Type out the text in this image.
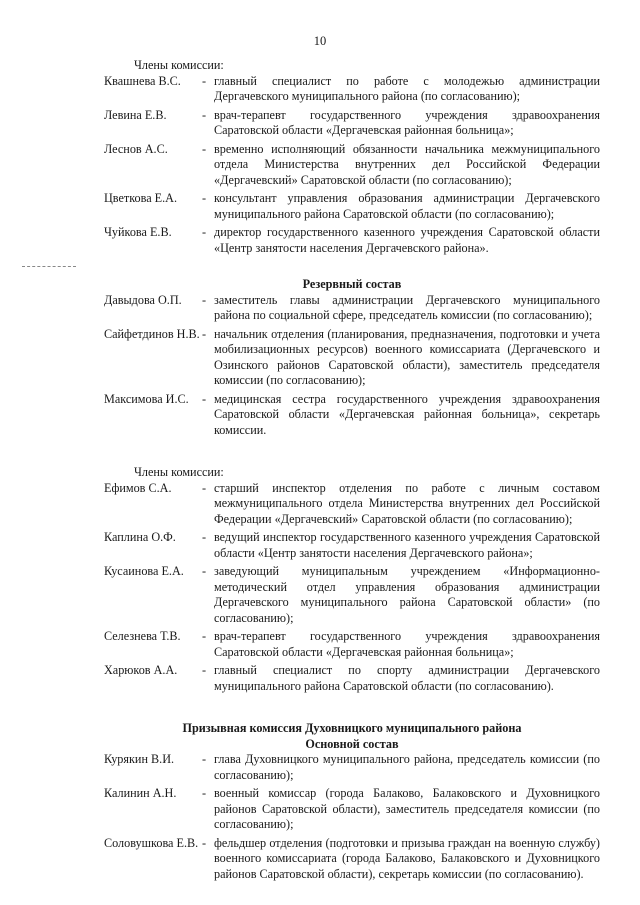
10

Члены комиссии:

Квашнева В.С.	- главный специалист по работе с молодежью администрации Дергачевского муниципального района (по согласованию);
Левина Е.В.	- врач-терапевт государственного учреждения здравоохранения Саратовской области «Дергачевская районная больница»;
Леснов А.С.	- временно исполняющий обязанности начальника межмуниципального отдела Министерства внутренних дел Российской Федерации «Дергачевский» Саратовской области (по согласованию);
Цветкова Е.А.	- консультант управления образования администрации Дергачевского муниципального района Саратовской области (по согласованию);
Чуйкова Е.В.	- директор государственного казенного учреждения Саратовской области «Центр занятости населения Дергачевского района».

Резервный состав

Давыдова О.П.	- заместитель главы администрации Дергачевского муниципального района по социальной сфере, председатель комиссии (по согласованию);
Сайфетдинов Н.В. - начальник отделения (планирования, предназначения, подготовки и учета мобилизационных ресурсов) военного комиссариата (Дергачевского и Озинского районов Саратовской области), заместитель председателя комиссии (по согласованию);
Максимова И.С.	- медицинская сестра государственного учреждения здравоохранения Саратовской области «Дергачевская районная больница», секретарь комиссии.

Члены комиссии:

Ефимов С.А.	- старший инспектор отделения по работе с личным составом межмуниципального отдела Министерства внутренних дел Российской Федерации «Дергачевский» Саратовской области (по согласованию);
Каплина О.Ф.	- ведущий инспектор государственного казенного учреждения Саратовской области «Центр занятости населения Дергачевского района»;
Кусаинова Е.А.	- заведующий муниципальным учреждением «Информационно-методический отдел управления образования администрации Дергачевского муниципального района Саратовской области» (по согласованию);
Селезнева Т.В.	- врач-терапевт государственного учреждения здравоохранения Саратовской области «Дергачевская районная больница»;
Харюков А.А.	- главный специалист по спорту администрации Дергачевского муниципального района Саратовской области (по согласованию).

Призывная комиссия Духовницкого муниципального района

Основной состав

Курякин В.И.	- глава Духовницкого муниципального района, председатель комиссии (по согласованию);
Калинин А.Н.	- военный комиссар (города Балаково, Балаковского и Духовницкого районов Саратовской области), заместитель председателя комиссии (по согласованию);
Соловушкова Е.В. - фельдшер отделения (подготовки и призыва граждан на военную службу) военного комиссариата (города Балаково, Балаковского и Духовницкого районов Саратовской области), секретарь комиссии (по согласованию).
